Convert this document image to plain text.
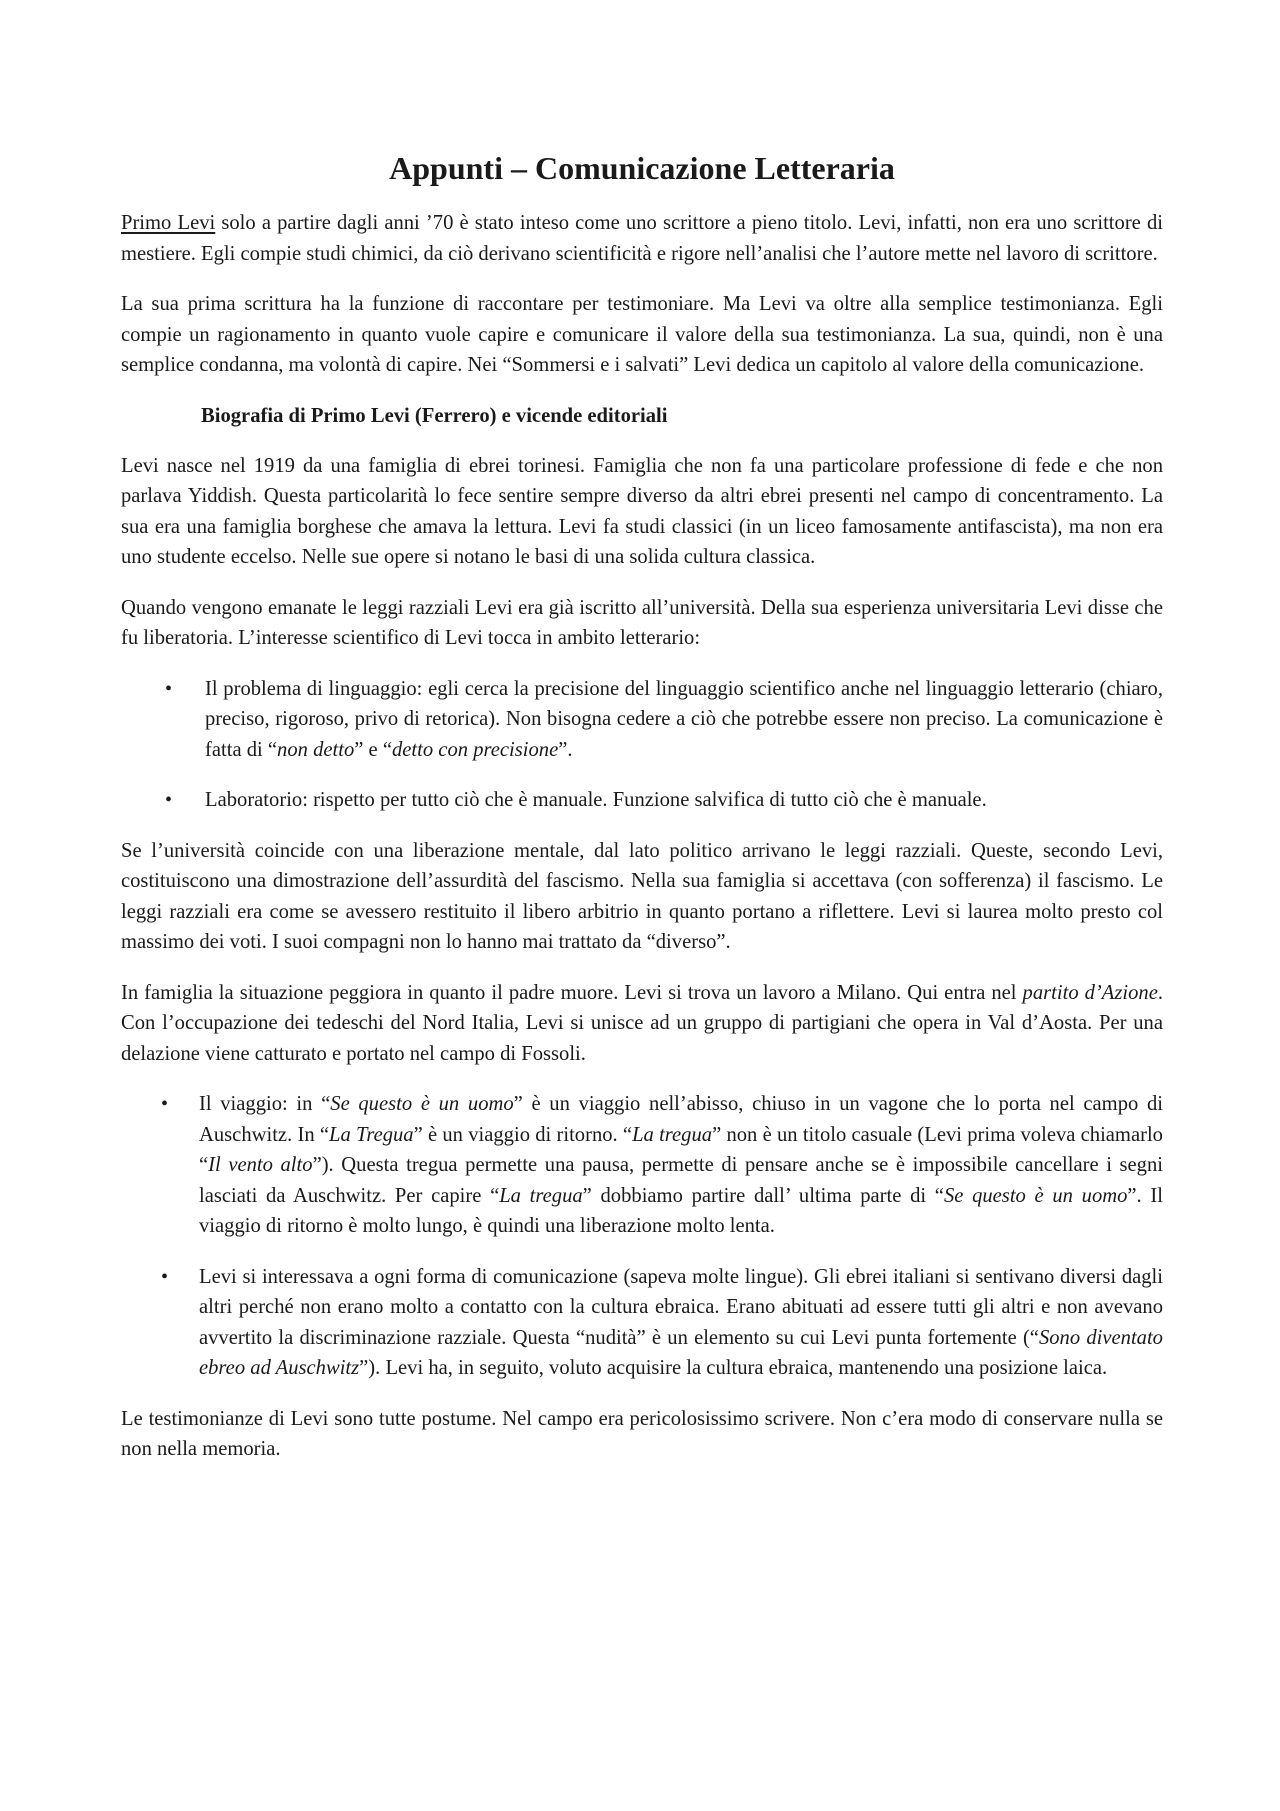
Appunti – Comunicazione Letteraria

Primo Levi solo a partire dagli anni ’70 è stato inteso come uno scrittore a pieno titolo. Levi, infatti, non era uno scrittore di mestiere. Egli compie studi chimici, da ciò derivano scientificità e rigore nell’analisi che l’autore mette nel lavoro di scrittore.

La sua prima scrittura ha la funzione di raccontare per testimoniare. Ma Levi va oltre alla semplice testimonianza. Egli compie un ragionamento in quanto vuole capire e comunicare il valore della sua testimonianza. La sua, quindi, non è una semplice condanna, ma volontà di capire. Nei “Sommersi e i salvati” Levi dedica un capitolo al valore della comunicazione.

Biografia di Primo Levi (Ferrero) e vicende editoriali

Levi nasce nel 1919 da una famiglia di ebrei torinesi. Famiglia che non fa una particolare professione di fede e che non parlava Yiddish. Questa particolarità lo fece sentire sempre diverso da altri ebrei presenti nel campo di concentramento. La sua era una famiglia borghese che amava la lettura. Levi fa studi classici (in un liceo famosamente antifascista), ma non era uno studente eccelso. Nelle sue opere si notano le basi di una solida cultura classica.

Quando vengono emanate le leggi razziali Levi era già iscritto all’università. Della sua esperienza universitaria Levi disse che fu liberatoria. L’interesse scientifico di Levi tocca in ambito letterario:

• Il problema di linguaggio: egli cerca la precisione del linguaggio scientifico anche nel linguaggio letterario (chiaro, preciso, rigoroso, privo di retorica). Non bisogna cedere a ciò che potrebbe essere non preciso. La comunicazione è fatta di “non detto” e “detto con precisione”.
• Laboratorio: rispetto per tutto ciò che è manuale. Funzione salvifica di tutto ciò che è manuale.

Se l’università coincide con una liberazione mentale, dal lato politico arrivano le leggi razziali. Queste, secondo Levi, costituiscono una dimostrazione dell’assurdità del fascismo. Nella sua famiglia si accettava (con sofferenza) il fascismo. Le leggi razziali era come se avessero restituito il libero arbitrio in quanto portano a riflettere. Levi si laurea molto presto col massimo dei voti. I suoi compagni non lo hanno mai trattato da “diverso”.

In famiglia la situazione peggiora in quanto il padre muore. Levi si trova un lavoro a Milano. Qui entra nel partito d’Azione. Con l’occupazione dei tedeschi del Nord Italia, Levi si unisce ad un gruppo di partigiani che opera in Val d’Aosta. Per una delazione viene catturato e portato nel campo di Fossoli.

• Il viaggio: in “Se questo è un uomo” è un viaggio nell’abisso, chiuso in un vagone che lo porta nel campo di Auschwitz. In “La Tregua” è un viaggio di ritorno. “La tregua” non è un titolo casuale (Levi prima voleva chiamarlo “Il vento alto”). Questa tregua permette una pausa, permette di pensare anche se è impossibile cancellare i segni lasciati da Auschwitz. Per capire “La tregua” dobbiamo partire dall’ ultima parte di “Se questo è un uomo”. Il viaggio di ritorno è molto lungo, è quindi una liberazione molto lenta.
• Levi si interessava a ogni forma di comunicazione (sapeva molte lingue). Gli ebrei italiani si sentivano diversi dagli altri perché non erano molto a contatto con la cultura ebraica. Erano abituati ad essere tutti gli altri e non avevano avvertito la discriminazione razziale. Questa “nudità” è un elemento su cui Levi punta fortemente (“Sono diventato ebreo ad Auschwitz”). Levi ha, in seguito, voluto acquisire la cultura ebraica, mantenendo una posizione laica.

Le testimonianze di Levi sono tutte postume. Nel campo era pericolosissimo scrivere. Non c’era modo di conservare nulla se non nella memoria.
